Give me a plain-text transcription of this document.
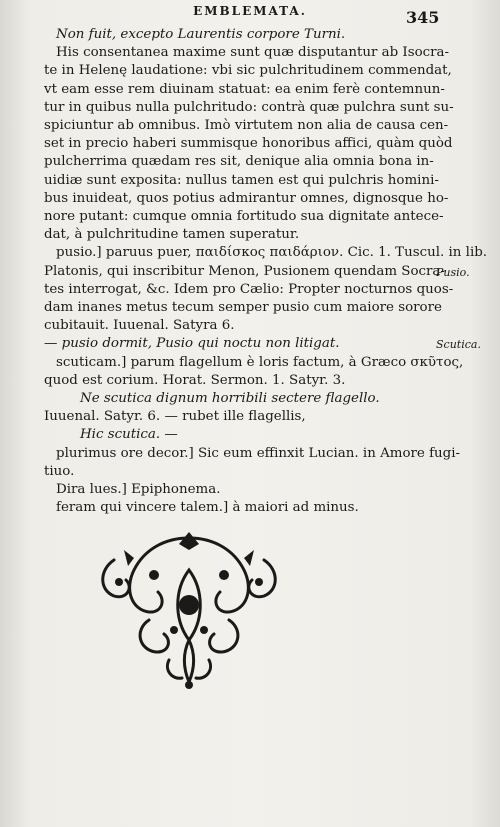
EMBLEMATA.	345
Non fuit, excepto Laurentis corpore Turni.
His consentanea maxime sunt quæ disputantur ab Isocra-
te in Helenę laudatione: vbi sic pulchritudinem commendat,
vt eam esse rem diuinam statuat: ea enim ferè contemnun-
tur in quibus nulla pulchritudo: contrà quæ pulchra sunt su-
spiciuntur ab omnibus. Imò virtutem non alia de causa cen-
set in precio haberi summisque honoribus affici, quàm quòd
pulcherrima quædam res sit, denique alia omnia bona in-
uidiæ sunt exposita: nullus tamen est qui pulchris homini-
bus inuideat, quos potius admirantur omnes, dignosque ho-
nore putant: cumque omnia fortitudo sua dignitate antece-
dat, à pulchritudine tamen superatur.
pusio.] paruus puer, παιδίσκος παιδάριον. Cic. 1. Tuscul. in lib.
Platonis, qui inscribitur Menon, Pusionem quendam Socra-
tes interrogat, &c. Idem pro Cælio: Propter nocturnos quos-
dam inanes metus tecum semper pusio cum maiore sorore
cubitauit. Iuuenal. Satyra 6.
— pusio dormit, Pusio qui noctu non litigat.
scuticam.] parum flagellum è loris factum, à Græco σκῦτος,
quod est corium. Horat. Sermon. 1. Satyr. 3.
Ne scutica dignum horribili sectere flagello.
Iuuenal. Satyr. 6. — rubet ille flagellis,
Hic scutica. —
plurimus ore decor.] Sic eum effinxit Lucian. in Amore fugi-
tiuo.
Dira lues.] Epiphonema.
feram qui vincere talem.] à maiori ad minus.
Pusio.
Scutica.
